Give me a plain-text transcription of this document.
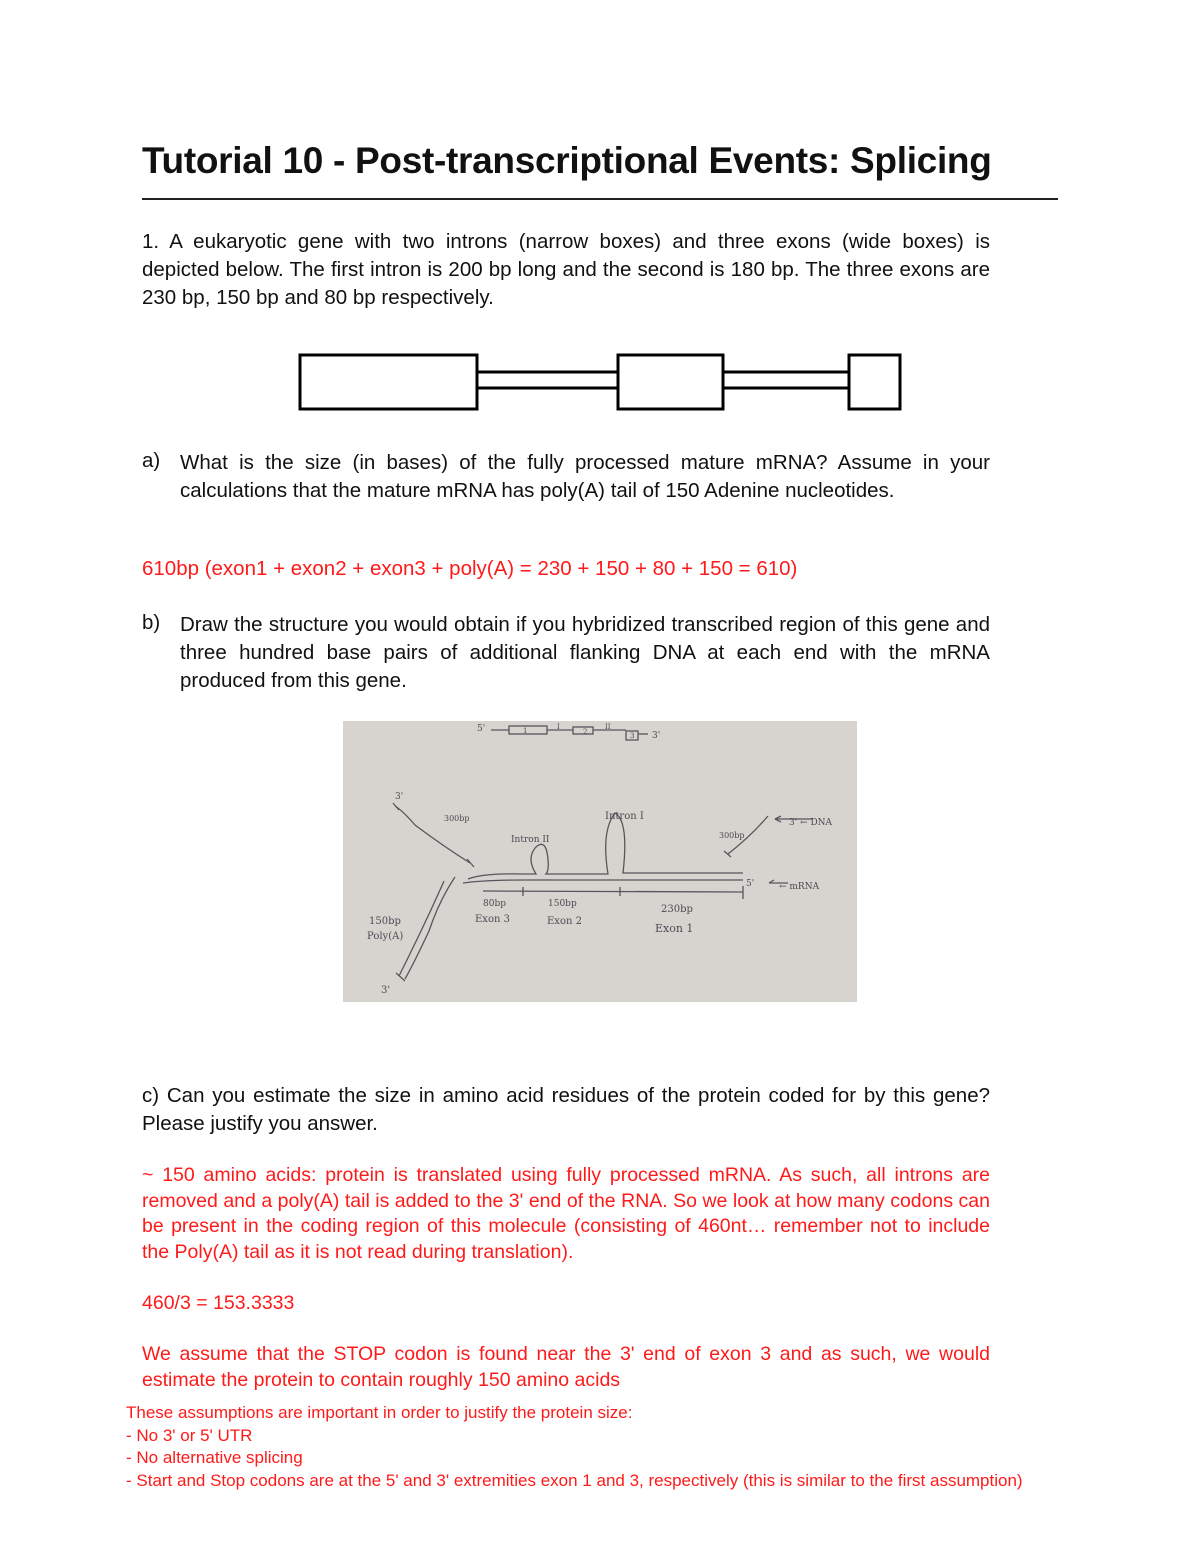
Tutorial 10 - Post-transcriptional Events: Splicing
1. A eukaryotic gene with two introns (narrow boxes) and three exons (wide boxes) is depicted below. The first intron is 200 bp long and the second is 180 bp. The three exons are 230 bp, 150 bp and 80 bp respectively.
a) What is the size (in bases) of the fully processed mature mRNA? Assume in your calculations that the mature mRNA has poly(A) tail of 150 Adenine nucleotides.
610bp (exon1 + exon2 + exon3 + poly(A) = 230 + 150 + 80 + 150 = 610)
b) Draw the structure you would obtain if you hybridized transcribed region of this gene and three hundred base pairs of additional flanking DNA at each end with the mRNA produced from this gene.
5'	1	I
2
II
3 3'
3'
300bp
Intron II
Intron I
300bp
3' ← DNA
5'	← mRNA
80bp
Exon 3
150bp
Exon 2
230bp
Exon 1
150bp
Poly(A)
3'
c) Can you estimate the size in amino acid residues of the protein coded for by this gene? Please justify you answer.
~ 150 amino acids: protein is translated using fully processed mRNA. As such, all introns are removed and a poly(A) tail is added to the 3' end of the RNA. So we look at how many codons can be present in the coding region of this molecule (consisting of 460nt… remember not to include the Poly(A) tail as it is not read during translation).
460/3 = 153.3333
We assume that the STOP codon is found near the 3' end of exon 3 and as such, we would estimate the protein to contain roughly 150 amino acids
These assumptions are important in order to justify the protein size:
- No 3' or 5' UTR
- No alternative splicing
- Start and Stop codons are at the 5' and 3' extremities exon 1 and 3, respectively (this is similar to the first assumption)
